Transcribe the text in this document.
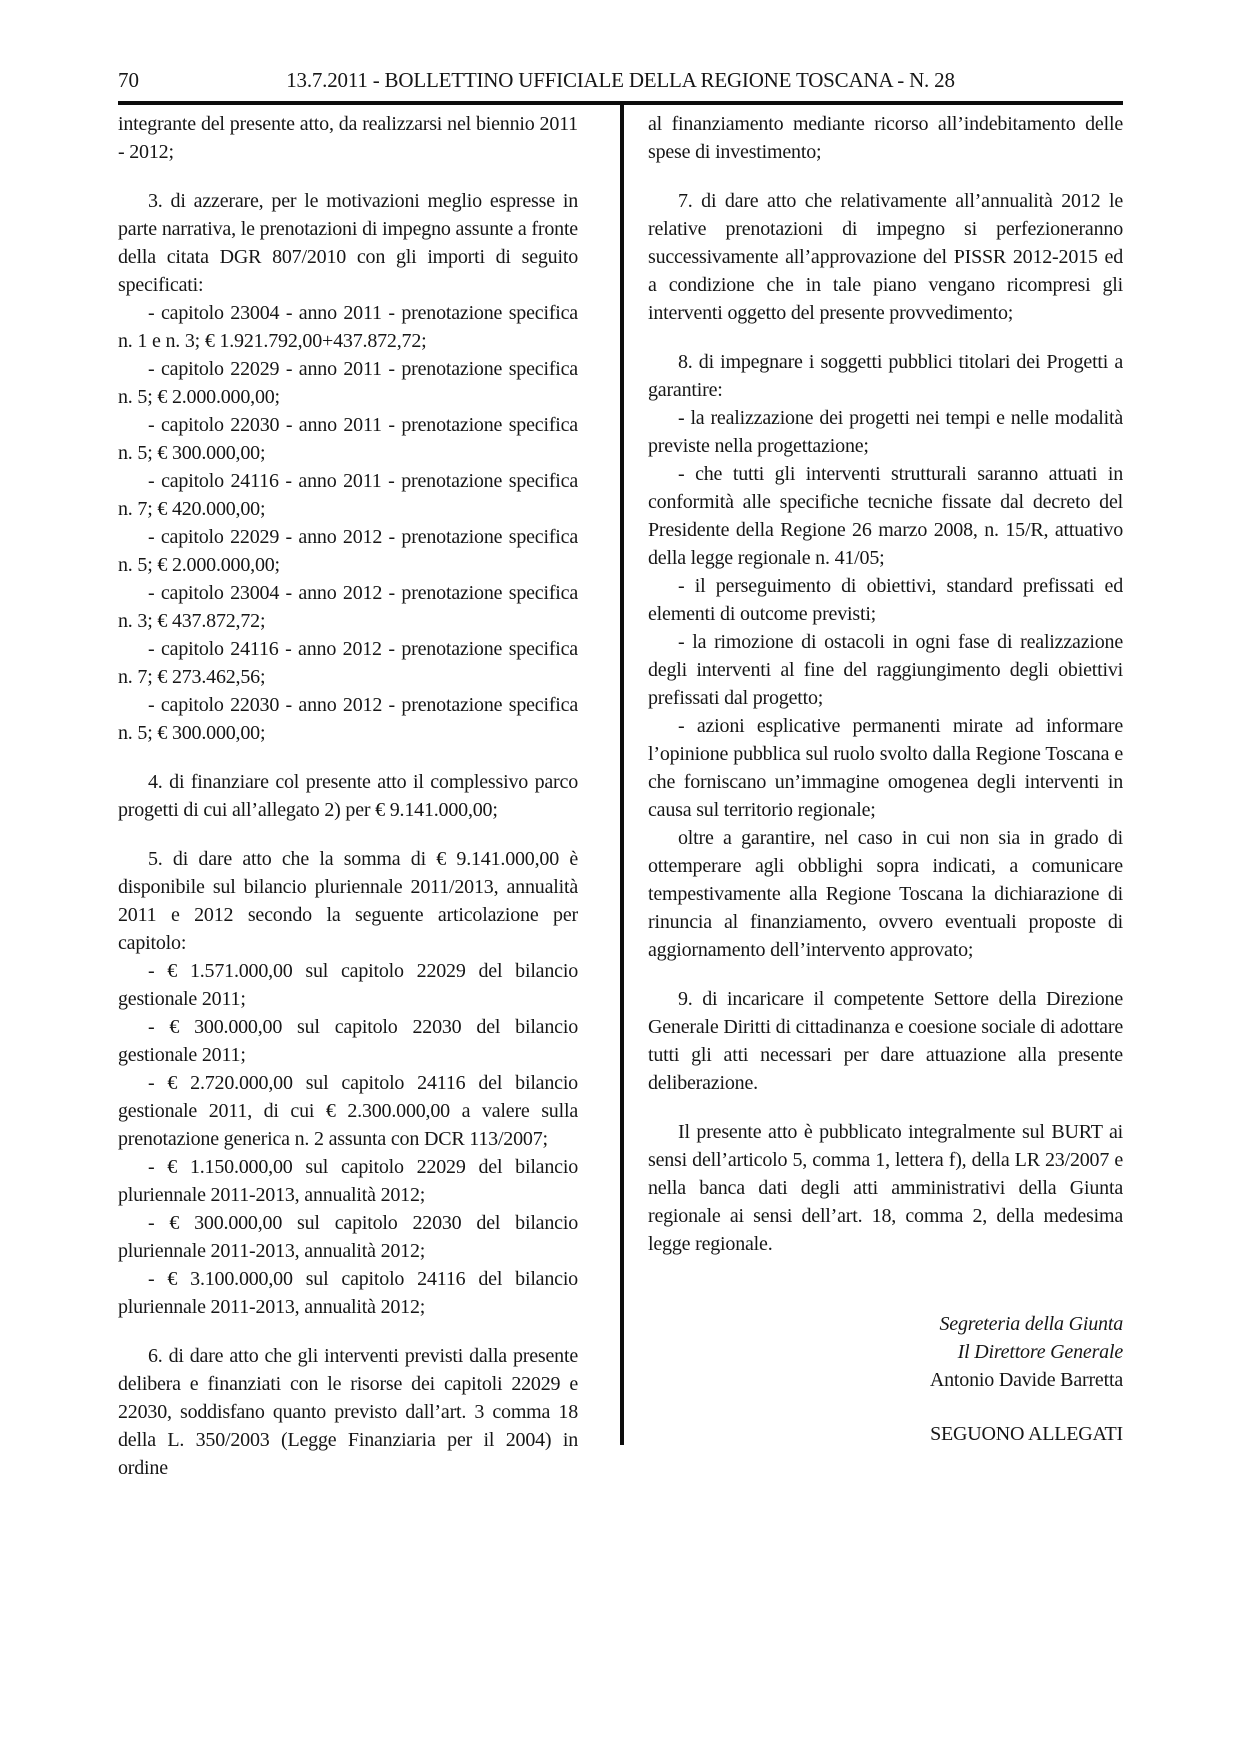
70	13.7.2011 - BOLLETTINO UFFICIALE DELLA REGIONE TOSCANA - N. 28

integrante del presente atto, da realizzarsi nel biennio 2011 - 2012;

3. di azzerare, per le motivazioni meglio espresse in parte narrativa, le prenotazioni di impegno assunte a fronte della citata DGR 807/2010 con gli importi di seguito specificati:

- capitolo 23004 - anno 2011 - prenotazione specifica n. 1 e n. 3; € 1.921.792,00+437.872,72;

- capitolo 22029 - anno 2011 - prenotazione specifica n. 5; € 2.000.000,00;

- capitolo 22030 - anno 2011 - prenotazione specifica n. 5; € 300.000,00;

- capitolo 24116 - anno 2011 - prenotazione specifica n. 7; € 420.000,00;

- capitolo 22029 - anno 2012 - prenotazione specifica n. 5; € 2.000.000,00;

- capitolo 23004 - anno 2012 - prenotazione specifica n. 3; € 437.872,72;

- capitolo 24116 - anno 2012 - prenotazione specifica n. 7; € 273.462,56;

- capitolo 22030 - anno 2012 - prenotazione specifica n. 5; € 300.000,00;

4. di finanziare col presente atto il complessivo parco progetti di cui all’allegato 2) per € 9.141.000,00;

5. di dare atto che la somma di € 9.141.000,00 è disponibile sul bilancio pluriennale 2011/2013, annualità 2011 e 2012 secondo la seguente articolazione per capitolo:

- € 1.571.000,00 sul capitolo 22029 del bilancio gestionale 2011;

- € 300.000,00 sul capitolo 22030 del bilancio gestionale 2011;

- € 2.720.000,00 sul capitolo 24116 del bilancio gestionale 2011, di cui € 2.300.000,00 a valere sulla prenotazione generica n. 2 assunta con DCR 113/2007;

- € 1.150.000,00 sul capitolo 22029 del bilancio pluriennale 2011-2013, annualità 2012;

- € 300.000,00 sul capitolo 22030 del bilancio pluriennale 2011-2013, annualità 2012;

- € 3.100.000,00 sul capitolo 24116 del bilancio pluriennale 2011-2013, annualità 2012;

6. di dare atto che gli interventi previsti dalla presente delibera e finanziati con le risorse dei capitoli 22029 e 22030, soddisfano quanto previsto dall’art. 3 comma 18 della L. 350/2003 (Legge Finanziaria per il 2004) in ordine

al finanziamento mediante ricorso all’indebitamento delle spese di investimento;

7. di dare atto che relativamente all’annualità 2012 le relative prenotazioni di impegno si perfezioneranno successivamente all’approvazione del PISSR 2012-2015 ed a condizione che in tale piano vengano ricompresi gli interventi oggetto del presente provvedimento;

8. di impegnare i soggetti pubblici titolari dei Progetti a garantire:

- la realizzazione dei progetti nei tempi e nelle modalità previste nella progettazione;

- che tutti gli interventi strutturali saranno attuati in conformità alle specifiche tecniche fissate dal decreto del Presidente della Regione 26 marzo 2008, n. 15/R, attuativo della legge regionale n. 41/05;

- il perseguimento di obiettivi, standard prefissati ed elementi di outcome previsti;

- la rimozione di ostacoli in ogni fase di realizzazione degli interventi al fine del raggiungimento degli obiettivi prefissati dal progetto;

- azioni esplicative permanenti mirate ad informare l’opinione pubblica sul ruolo svolto dalla Regione Toscana e che forniscano un’immagine omogenea degli interventi in causa sul territorio regionale;

oltre a garantire, nel caso in cui non sia in grado di ottemperare agli obblighi sopra indicati, a comunicare tempestivamente alla Regione Toscana la dichiarazione di rinuncia al finanziamento, ovvero eventuali proposte di aggiornamento dell’intervento approvato;

9. di incaricare il competente Settore della Direzione Generale Diritti di cittadinanza e coesione sociale di adottare tutti gli atti necessari per dare attuazione alla presente deliberazione.

Il presente atto è pubblicato integralmente sul BURT ai sensi dell’articolo 5, comma 1, lettera f), della LR 23/2007 e nella banca dati degli atti amministrativi della Giunta regionale ai sensi dell’art. 18, comma 2, della medesima legge regionale.

Segreteria della Giunta

Il Direttore Generale

Antonio Davide Barretta

SEGUONO ALLEGATI
